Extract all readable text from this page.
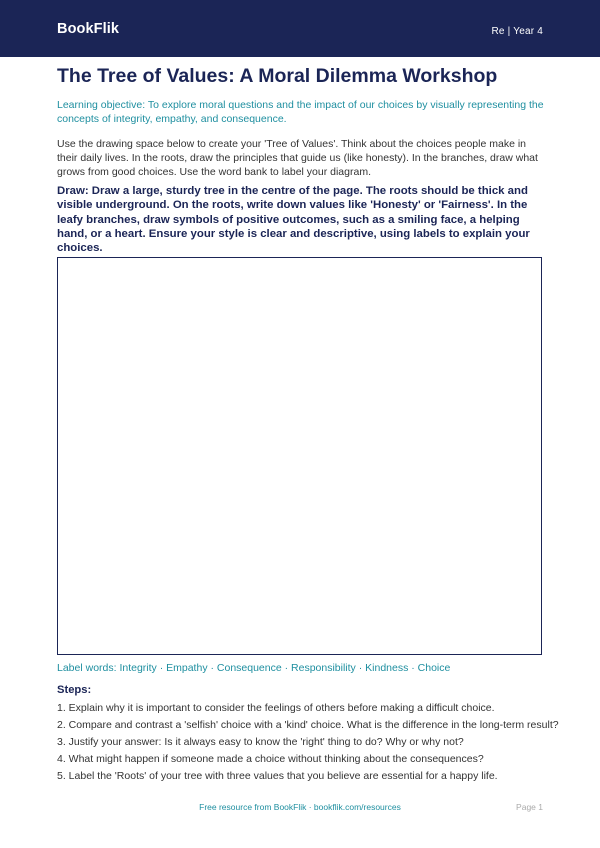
BookFlik	Re | Year 4
The Tree of Values: A Moral Dilemma Workshop

Learning objective: To explore moral questions and the impact of our choices by visually representing the concepts of integrity, empathy, and consequence.

Use the drawing space below to create your 'Tree of Values'. Think about the choices people make in their daily lives. In the roots, draw the principles that guide us (like honesty). In the branches, draw what grows from good choices. Use the word bank to label your diagram.

Draw: Draw a large, sturdy tree in the centre of the page. The roots should be thick and visible underground. On the roots, write down values like 'Honesty' or 'Fairness'. In the leafy branches, draw symbols of positive outcomes, such as a smiling face, a helping hand, or a heart. Ensure your style is clear and descriptive, using labels to explain your choices.

Label words: Integrity · Empathy · Consequence · Responsibility · Kindness · Choice
Steps:
1. Explain why it is important to consider the feelings of others before making a difficult choice.
2. Compare and contrast a 'selfish' choice with a 'kind' choice. What is the difference in the long-term result?
3. Justify your answer: Is it always easy to know the 'right' thing to do? Why or why not?
4. What might happen if someone made a choice without thinking about the consequences?
5. Label the 'Roots' of your tree with three values that you believe are essential for a happy life.
Free resource from BookFlik · bookflik.com/resources	Page 1
